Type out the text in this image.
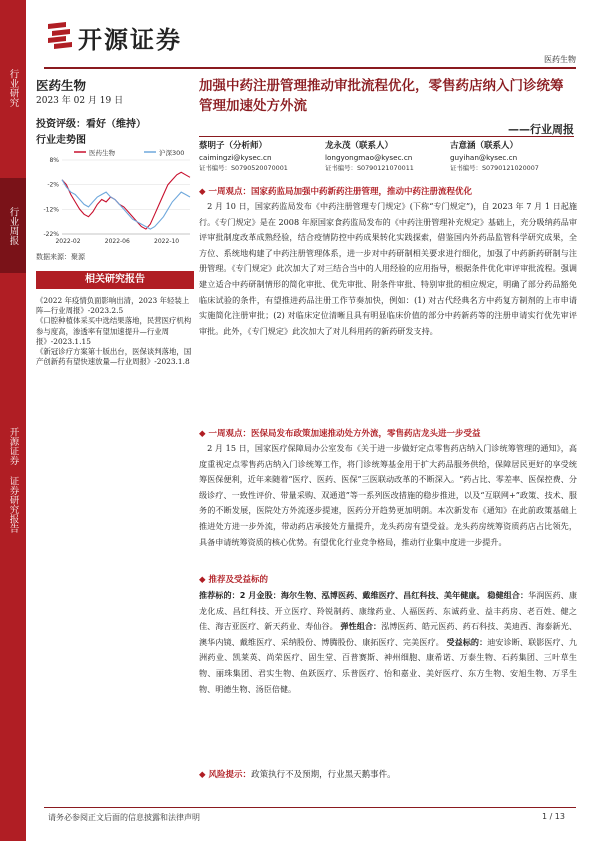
行业研究
行业周报
开源证券 证券研究报告
开源证券
医药生物
医药生物
2023 年 02 月 19 日
投资评级：看好（维持）
行业走势图
医药生物	沪深300
8%
-2%
-12%
-22%
2022-02	2022-06	2022-10
数据来源：聚源
相关研究报告
《2022 年疫情负面影响出清，2023 年轻装上阵—行业周报》-2023.2.5
《口腔种植体采买中选结果落地，民营医疗机构参与度高，渗透率有望加速提升—行业周报》-2023.1.15
《新冠诊疗方案第十版出台，医保谈判落地，国产创新药有望快速放量—行业周报》-2023.1.8
加强中药注册管理推动审批流程优化，零售药店纳入门诊统筹管理加速处方外流
——行业周报
蔡明子（分析师）
caimingzi@kysec.cn
证书编号：S0790520070001
龙永茂（联系人）
longyongmao@kysec.cn
证书编号：S0790121070011
古意涵（联系人）
guyihan@kysec.cn
证书编号：S0790121020007
◆ 一周观点：国家药监局加强中药新药注册管理，推动中药注册流程优化
2 月 10 日，国家药监局发布《中药注册管理专门规定》(下称“专门规定”)，自 2023 年 7 月 1 日起施行。《专门规定》是在 2008 年原国家食药监局发布的《中药注册管理补充规定》基础上，充分吸纳药品审评审批制度改革成熟经验，结合疫情防控中药成果转化实践探索，借鉴国内外药品监管科学研究成果，全方位、系统地构建了中药注册管理体系，进一步对中药研制相关要求进行细化，加强了中药新药研制与注册管理。《专门规定》此次加大了对三结合当中的人用经验的应用指导，根据条件优化审评审批流程。强调建立适合中药研制情形的简化审批、优先审批、附条件审批、特别审批的相应规定，明确了部分药品豁免临床试验的条件，有望推进药品注册工作节奏加快，例如：(1) 对古代经典名方中药复方制剂的上市申请实施简化注册审批；(2) 对临床定位清晰且具有明显临床价值的部分中药新药等的注册申请实行优先审评审批。此外，《专门规定》此次加大了对儿科用药的新药研发支持。
◆ 一周观点：医保局发布政策加速推动处方外流，零售药店龙头进一步受益
2 月 15 日，国家医疗保障局办公室发布《关于进一步做好定点零售药店纳入门诊统筹管理的通知》，高度重视定点零售药店纳入门诊统筹工作，将门诊统筹基金用于扩大药品服务供给，保障居民更好的享受统筹医保便利，近年来随着“医疗、医药、医保”三医联动改革的不断深入。“药占比、零差率、医保控费、分级诊疗、一致性评价、带量采购、双通道”等一系列医改措施的稳步推进，以及“互联网+”政策、技术、服务的不断发展，医院处方外流逐步提速，医药分开趋势更加明朗。本次新发布《通知》在此前政策基础上推进处方进一步外流，带动药店承接处方量提升，龙头药房有望受益。龙头药房统筹资质药店占比领先，具备申请统筹资质的核心优势。有望优化行业竞争格局，推动行业集中度进一步提升。
◆ 推荐及受益标的
推荐标的：2 月金股：海尔生物、泓博医药、戴维医疗、昌红科技、美年健康。 稳健组合：华润医药、康龙化成、昌红科技、开立医疗、羚锐制药、康缘药业、人福医药、东诚药业、益丰药房、老百姓、健之佳、海吉亚医疗、新天药业、寿仙谷。 弹性组合：泓博医药、皓元医药、药石科技、美迪西、海泰新光、澳华内镜、戴维医疗、采纳股份、博腾股份、康拓医疗、完美医疗。 受益标的：迪安诊断、联影医疗、九洲药业、凯莱英、尚荣医疗、固生堂、百普赛斯、神州细胞、康希诺、万泰生物、石药集团、三叶草生物、丽珠集团、君实生物、鱼跃医疗、乐普医疗、怡和嘉业、美好医疗、东方生物、安旭生物、万孚生物、明德生物、汤臣倍健。
◆ 风险提示：政策执行不及预期，行业黑天鹅事件。
请务必参阅正文后面的信息披露和法律声明	1 / 13
